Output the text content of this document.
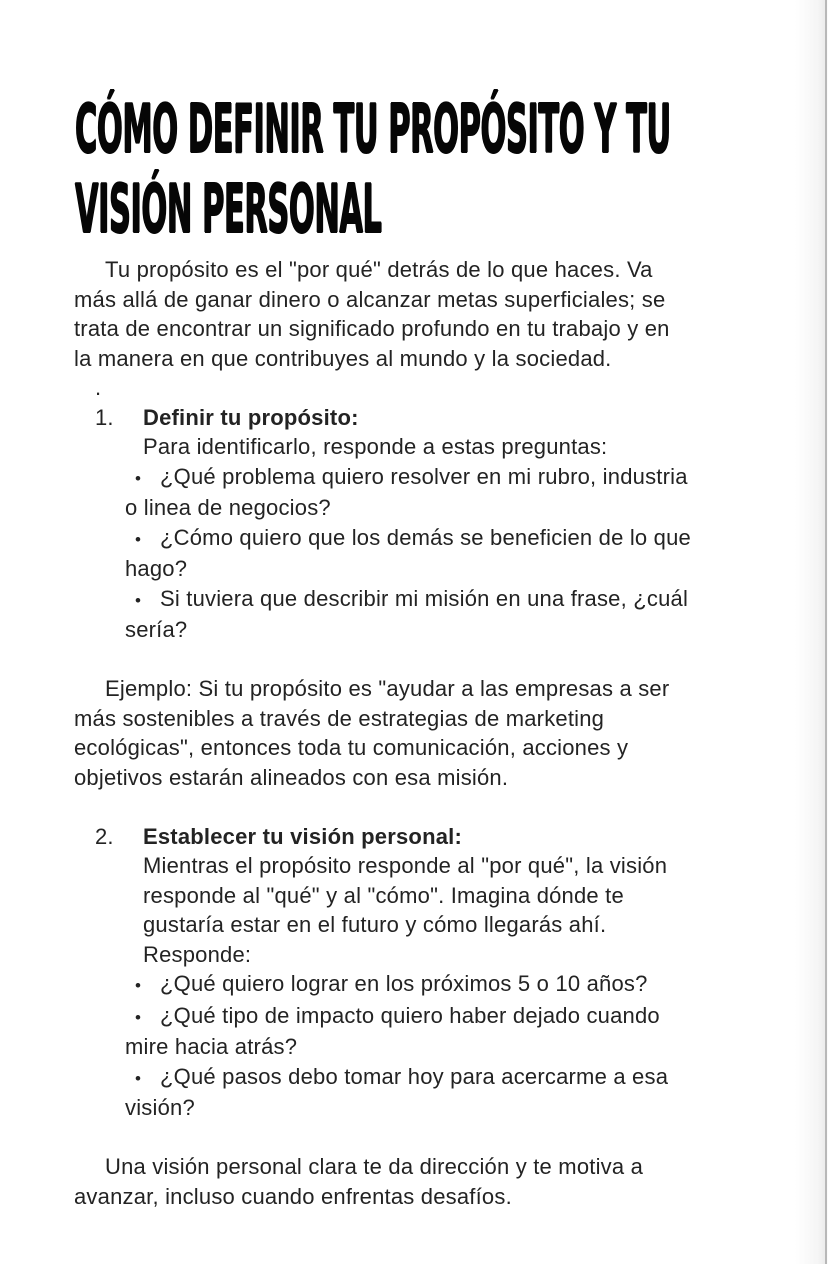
CÓMO DEFINIR TU PROPÓSITO Y TU
VISIÓN PERSONAL
Tu propósito es el "por qué" detrás de lo que haces. Va
más allá de ganar dinero o alcanzar metas superficiales; se
trata de encontrar un significado profundo en tu trabajo y en
la manera en que contribuyes al mundo y la sociedad.
.
1. Definir tu propósito:
Para identificarlo, responde a estas preguntas:
• ¿Qué problema quiero resolver en mi rubro, industria
o linea de negocios?
• ¿Cómo quiero que los demás se beneficien de lo que
hago?
• Si tuviera que describir mi misión en una frase, ¿cuál
sería?
Ejemplo: Si tu propósito es "ayudar a las empresas a ser
más sostenibles a través de estrategias de marketing
ecológicas", entonces toda tu comunicación, acciones y
objetivos estarán alineados con esa misión.
2. Establecer tu visión personal:
Mientras el propósito responde al "por qué", la visión
responde al "qué" y al "cómo". Imagina dónde te
gustaría estar en el futuro y cómo llegarás ahí.
Responde:
• ¿Qué quiero lograr en los próximos 5 o 10 años?
• ¿Qué tipo de impacto quiero haber dejado cuando
mire hacia atrás?
• ¿Qué pasos debo tomar hoy para acercarme a esa
visión?
Una visión personal clara te da dirección y te motiva a
avanzar, incluso cuando enfrentas desafíos.
